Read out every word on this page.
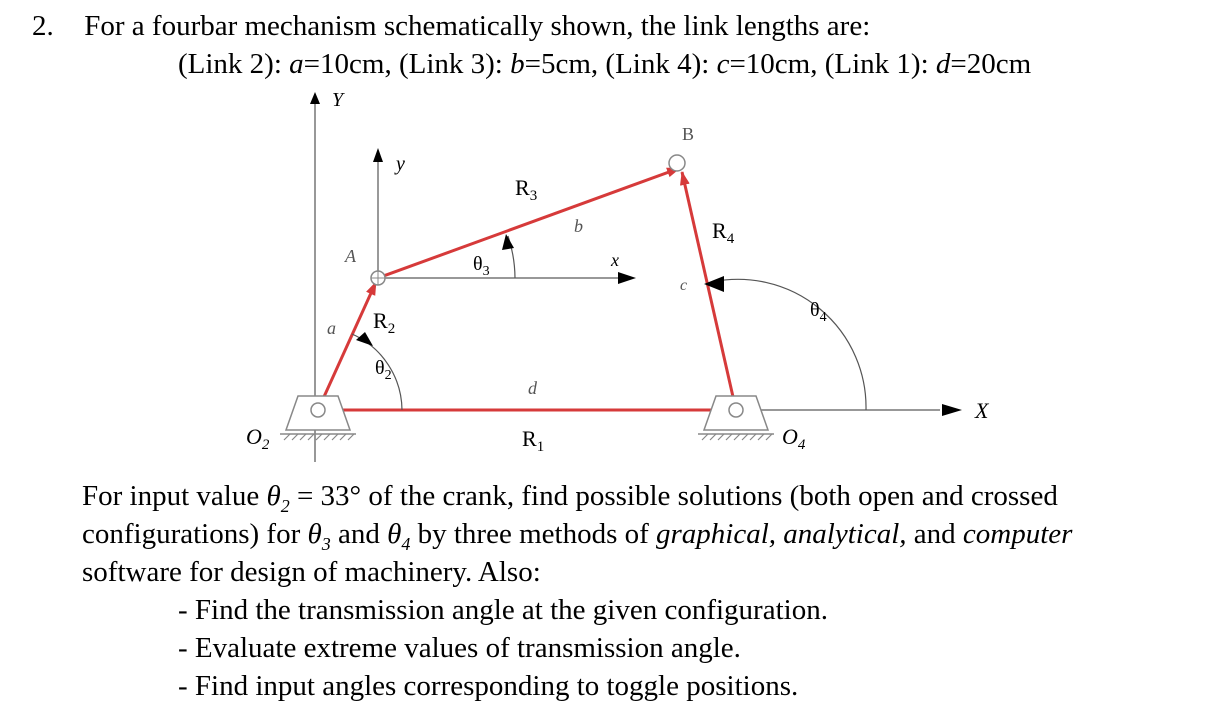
2. For a fourbar mechanism schematically shown, the link lengths are:
(Link 2): a=10cm, (Link 3): b=5cm, (Link 4): c=10cm, (Link 1): d=20cm
Y
X
y
x
A
B
a
b
c
d
$R_1$
$R_2$
$R_3$
$R_4$
$\theta_2$
$\theta_3$
$\theta_4$
$O_2$	$O_4$
For input value $\theta_2 = 33^\circ$ of the crank, find possible solutions (both open and crossed
configurations) for $\theta_3$ and $\theta_4$ by three methods of graphical, analytical, and computer
software for design of machinery. Also:
- Find the transmission angle at the given configuration.
- Evaluate extreme values of transmission angle.
- Find input angles corresponding to toggle positions.
